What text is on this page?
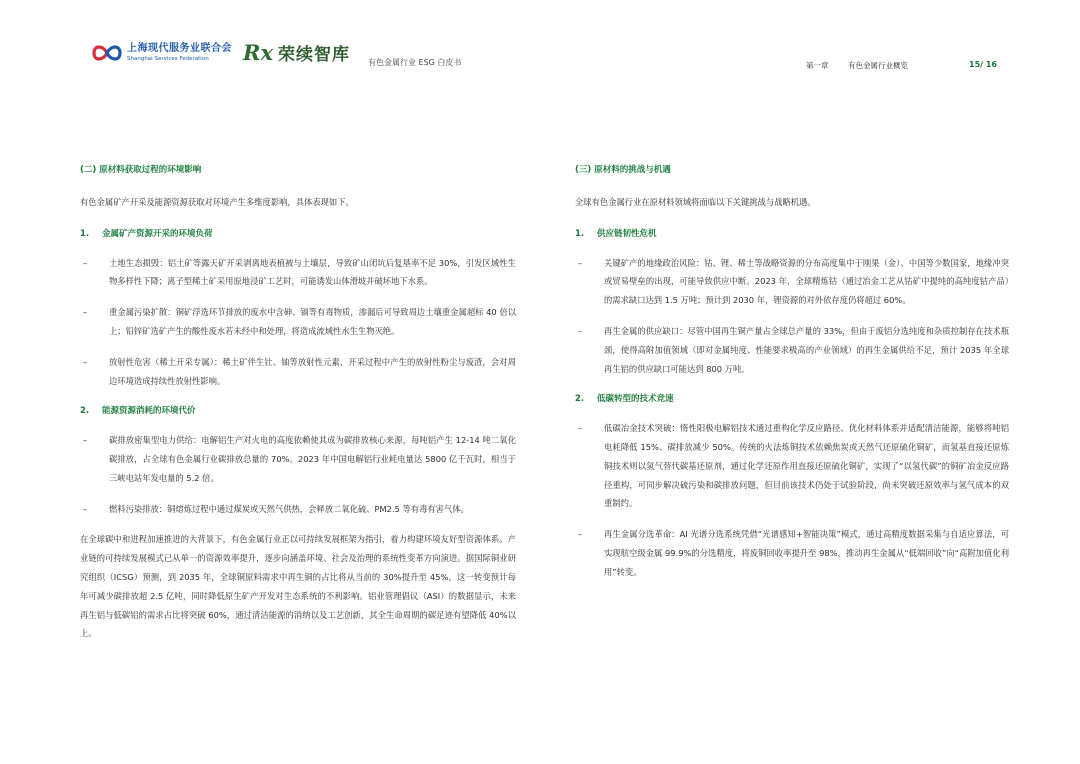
上海现代服务业联合会
Shanghai Services Federation	Rx 荣续智库 有色金属行业 ESG 白皮书	第一章	有色金属行业概览	15/ 16
(二) 原材料获取过程的环境影响
有色金属矿产开采及能源资源获取对环境产生多维度影响，具体表现如下。
1. 金属矿产资源开采的环境负荷
–	土地生态损毁：铝土矿等露天矿开采剥离地表植被与土壤层，导致矿山闭坑后复垦率不足 30%，引发区域性生物多样性下降；离子型稀土矿采用原地浸矿工艺时，可能诱发山体滑坡并破坏地下水系。
–	重金属污染扩散：铜矿浮选环节排放的废水中含砷、镉等有毒物质，渗漏后可导致周边土壤重金属超标 40 倍以上；铅锌矿选矿产生的酸性废水若未经中和处理，将造成流域性水生生物灭绝。
–	放射性危害（稀土开采专属）：稀土矿伴生钍、铀等放射性元素，开采过程中产生的放射性粉尘与废渣，会对周边环境造成持续性放射性影响。
2. 能源资源消耗的环境代价
–	碳排放密集型电力供给：电解铝生产对火电的高度依赖使其成为碳排放核心来源，每吨铝产生 12-14 吨二氧化碳排放，占全球有色金属行业碳排放总量的 70%。2023 年中国电解铝行业耗电量达 5800 亿千瓦时，相当于三峡电站年发电量的 5.2 倍。
–	燃料污染排放：铜熔炼过程中通过煤炭或天然气供热，会释放二氧化硫、PM2.5 等有毒有害气体。

在全球碳中和进程加速推进的大背景下，有色金属行业正以可持续发展框架为指引，着力构建环境友好型资源体系。产业链的可持续发展模式已从单一的资源效率提升，逐步向涵盖环境、社会及治理的系统性变革方向演进。据国际铜业研究组织（ICSG）预测，到 2035 年，全球铜原料需求中再生铜的占比将从当前的 30%提升至 45%，这一转变预计每年可减少碳排放超 2.5 亿吨，同时降低原生矿产开发对生态系统的不利影响。铝业管理倡议（ASI）的数据显示，未来再生铝与低碳铝的需求占比将突破 60%，通过清洁能源的消纳以及工艺创新，其全生命周期的碳足迹有望降低 40%以上。

(三) 原材料的挑战与机遇
全球有色金属行业在原材料领域将面临以下关键挑战与战略机遇。
1. 供应链韧性危机
–	关键矿产的地缘政治风险：钴、锂、稀土等战略资源的分布高度集中于刚果（金）、中国等少数国家，地缘冲突或贸易壁垒的出现，可能导致供应中断。2023 年，全球精炼钴（通过冶金工艺从钴矿中提纯的高纯度钴产品）的需求缺口达到 1.5 万吨；预计到 2030 年，锂资源的对外依存度仍将超过 60%。
–	再生金属的供应缺口：尽管中国再生铜产量占全球总产量的 33%，但由于废铝分选纯度和杂质控制存在技术瓶颈，使得高附加值领域（即对金属纯度、性能要求极高的产业领域）的再生金属供给不足，预计 2035 年全球再生铝的供应缺口可能达到 800 万吨。
2. 低碳转型的技术竞速
–	低碳冶金技术突破：惰性阳极电解铝技术通过重构化学反应路径、优化材料体系并适配清洁能源，能够将吨铝电耗降低 15%、碳排放减少 50%。传统的火法炼铜技术依赖焦炭或天然气还原硫化铜矿，而氢基直接还原炼铜技术则以氢气替代碳基还原剂，通过化学还原作用直接还原硫化铜矿，实现了“以氢代碳”的铜矿冶金反应路径重构，可同步解决硫污染和碳排放问题，但目前该技术仍处于试验阶段，尚未突破还原效率与氢气成本的双重制约。
–	再生金属分选革命：AI 光谱分选系统凭借“光谱感知+智能决策”模式，通过高精度数据采集与自适应算法，可实现航空级金属 99.9%的分选精度，将废铜回收率提升至 98%，推动再生金属从“低端回收”向“高附加值化利用”转变。
